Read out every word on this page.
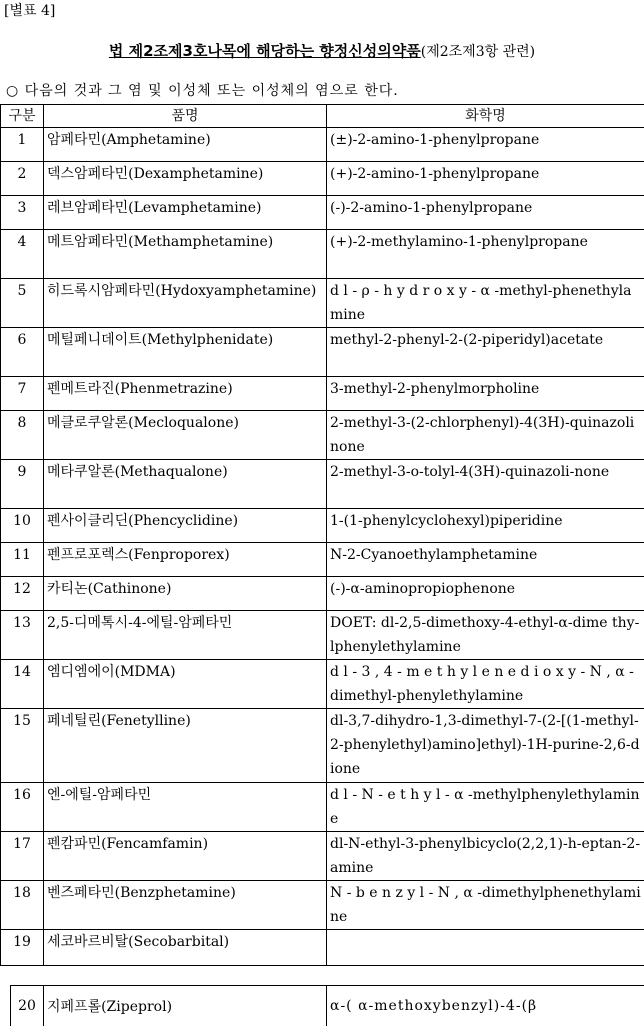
[별표 4]
법 제2조제3호나목에 해당하는 향정신성의약품(제2조제3항 관련)
○ 다음의 것과 그 염 및 이성체 또는 이성체의 염으로 한다.
구분	품명	화학명
1	암페타민(Amphetamine)	(±)-2-amino-1-phenylpropane
2	덱스암페타민(Dexamphetamine)	(+)-2-amino-1-phenylpropane
3	레브암페타민(Levamphetamine)	(-)-2-amino-1-phenylpropane
4	메트암페타민(Methamphetamine)	(+)-2-methylamino-1-phenylpropane
5	히드록시암페타민(Hydoxyamphetamine)	d l - ρ - h y d r o x y - α -methyl-phenethylamine
6	메틸페니데이트(Methylphenidate)	methyl-2-phenyl-2-(2-piperidyl)acetate
7	펜메트라진(Phenmetrazine)	3-methyl-2-phenylmorpholine
8	메클로쿠알론(Mecloqualone)	2-methyl-3-(2-chlorphenyl)-4(3H)-quinazolinone
9	메타쿠알론(Methaqualone)	2-methyl-3-ο-tolyl-4(3H)-quinazoli-none
10	펜사이클리딘(Phencyclidine)	1-(1-phenylcyclohexyl)piperidine
11	펜프로포렉스(Fenproporex)	N-2-Cyanoethylamphetamine
12	카티논(Cathinone)	(-)-α-aminopropiophenone
13	2,5-디메톡시-4-에틸-암페타민	DOET: dl-2,5-dimethoxy-4-ethyl-α-dime thy-lphenylethylamine
14	엠디엠에이(MDMA)	d l - 3 , 4 - m e t h y l e n e d i o x y - N , α -dimethyl-phenylethylamine
15	페네틸린(Fenetylline)	dl-3,7-dihydro-1,3-dimethyl-7-(2-[(1-methyl-2-phenylethyl)amino]ethyl)-1H-purine-2,6-dione
16	엔-에틸-암페타민	d l - N - e t h y l - α -methylphenylethylamine
17	펜캄파민(Fencamfamin)	dl-N-ethyl-3-phenylbicyclo(2,2,1)-h-eptan-2-amine
18	벤즈페타민(Benzphetamine)	N - b e n z y l - N , α -dimethylphenethylamine
19	세코바르비탈(Secobarbital)	
20	지페프롤(Zipeprol)	α-( α-methoxybenzyl)-4-(β
